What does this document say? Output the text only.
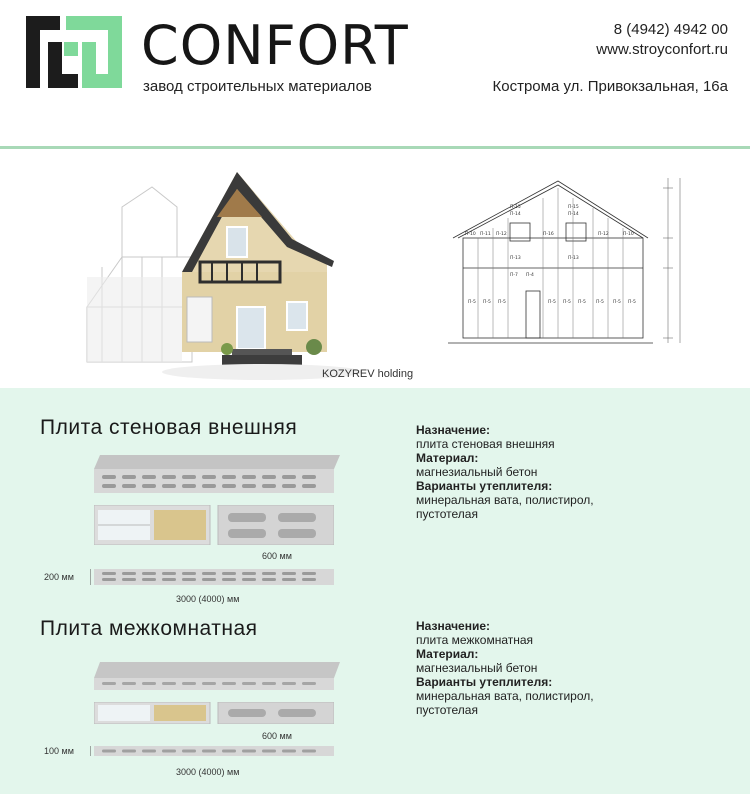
CONFORT
завод строительных материалов
8 (4942) 4942 00
www.stroyconfort.ru
Кострома ул. Привокзальная, 16а
KOZYREV holding
П-15	П-15
П-14	П-14
П-10	П-10
П-11 П-12	П-12
П-16
П-13	П-13
П-7 П-4
П-5 П-5 П-5	П-5 П-5 П-5 П-5 П-5 П-5
Плита стеновая внешняя	Назначение:
плита стеновая внешняя
Материал:
магнезиальный бетон
Варианты утеплителя:
минеральная вата, полистирол,
пустотелая
600 мм
200 мм
3000 (4000) мм
Плита межкомнатная	Назначение:
плита межкомнатная
Материал:
магнезиальный бетон
Варианты утеплителя:
минеральная вата, полистирол,
пустотелая
600 мм
100 мм
3000 (4000) мм
